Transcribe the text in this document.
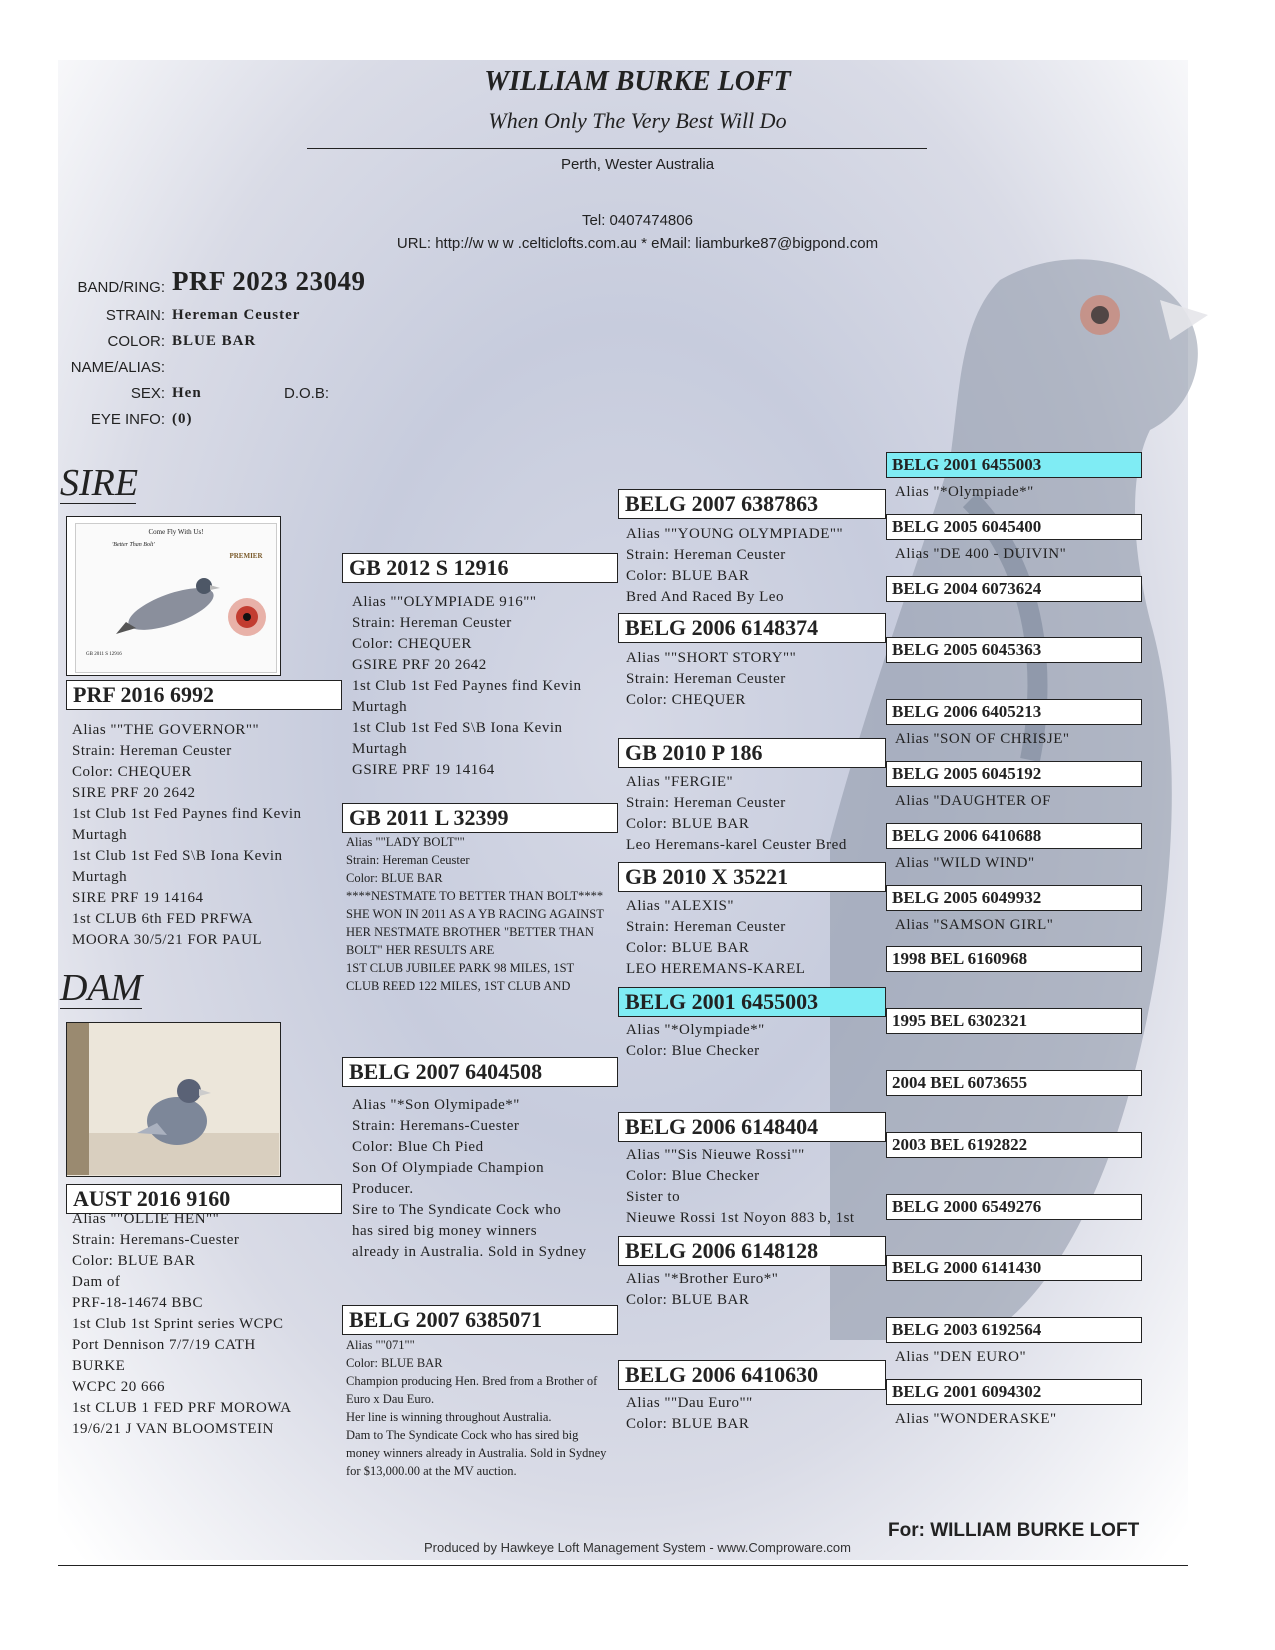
WILLIAM BURKE LOFT
When Only The Very Best Will Do
Perth, Wester Australia
Tel: 0407474806
URL: http://w w w .celticlofts.com.au * eMail: liamburke87@bigpond.com
BAND/RING: PRF 2023 23049
STRAIN: Hereman Ceuster
COLOR: BLUE BAR
NAME/ALIAS:
SEX: Hen	D.O.B:
EYE INFO: (0)
SIRE
DAM
Come Fly With Us!
'Better Than Bolt'
PREMIER
GB 2011 S 12916
PRF 2016 6992
Alias ""THE GOVERNOR""
Strain: Hereman Ceuster
Color: CHEQUER
SIRE PRF 20 2642
1st Club 1st Fed Paynes find Kevin
Murtagh
1st Club 1st Fed S\B Iona Kevin
Murtagh
SIRE PRF 19 14164
1st CLUB 6th FED PRFWA
MOORA 30/5/21 FOR PAUL
AUST 2016 9160
Alias ""OLLIE HEN""
Strain: Heremans-Cuester
Color: BLUE BAR
Dam of
PRF-18-14674 BBC
1st Club 1st Sprint series WCPC
Port Dennison 7/7/19 CATH
BURKE
WCPC 20 666
1st CLUB 1 FED PRF MOROWA
19/6/21 J VAN BLOOMSTEIN
GB 2012 S 12916
Alias ""OLYMPIADE 916""
Strain: Hereman Ceuster
Color: CHEQUER
GSIRE PRF 20 2642
1st Club 1st Fed Paynes find Kevin
Murtagh
1st Club 1st Fed S\B Iona Kevin
Murtagh
GSIRE PRF 19 14164
GB 2011 L 32399
Alias ""LADY BOLT""
Strain: Hereman Ceuster
Color: BLUE BAR
****NESTMATE TO BETTER THAN BOLT****
SHE WON IN 2011 AS A YB RACING AGAINST HER NESTMATE BROTHER "BETTER THAN BOLT" HER RESULTS ARE
1ST CLUB JUBILEE PARK 98 MILES, 1ST CLUB REED 122 MILES, 1ST CLUB AND
BELG 2007 6404508
Alias "*Son Olymipade*"
Strain: Heremans-Cuester
Color: Blue Ch Pied
Son Of Olympiade Champion
Producer.
Sire to The Syndicate Cock who
has sired big money winners
already in Australia. Sold in Sydney
BELG 2007 6385071
Alias ""071""
Color: BLUE BAR
Champion producing Hen. Bred from a Brother of Euro x Dau Euro.
Her line is winning throughout Australia.
Dam to The Syndicate Cock who has sired big money winners already in Australia. Sold in Sydney for $13,000.00 at the MV auction.
BELG 2007 6387863
Alias ""YOUNG OLYMPIADE""
Strain: Hereman Ceuster
Color: BLUE BAR
Bred And Raced By Leo
BELG 2006 6148374
Alias ""SHORT STORY""
Strain: Hereman Ceuster
Color: CHEQUER
GB 2010 P 186
Alias "FERGIE"
Strain: Hereman Ceuster
Color: BLUE BAR
Leo Heremans-karel Ceuster Bred
GB 2010 X 35221
Alias "ALEXIS"
Strain: Hereman Ceuster
Color: BLUE BAR
LEO HEREMANS-KAREL
BELG 2001 6455003
Alias "*Olympiade*"
Color: Blue Checker
BELG 2006 6148404
Alias ""Sis Nieuwe Rossi""
Color: Blue Checker
Sister to
Nieuwe Rossi 1st Noyon 883 b, 1st
BELG 2006 6148128
Alias "*Brother Euro*"
Color: BLUE BAR
BELG 2006 6410630
Alias ""Dau Euro""
Color: BLUE BAR
BELG 2001 6455003
Alias "*Olympiade*"
BELG 2005 6045400
Alias "DE 400 - DUIVIN"
BELG 2004 6073624
BELG 2005 6045363
BELG 2006 6405213
Alias "SON OF CHRISJE"
BELG 2005 6045192
Alias "DAUGHTER OF
BELG 2006 6410688
Alias "WILD WIND"
BELG 2005 6049932
Alias "SAMSON GIRL"
1998 BEL 6160968
1995 BEL 6302321
2004 BEL 6073655
2003 BEL 6192822
BELG 2000 6549276
BELG 2000 6141430
BELG 2003 6192564
Alias "DEN EURO"
BELG 2001 6094302
Alias "WONDERASKE"
For: WILLIAM BURKE LOFT
Produced by Hawkeye Loft Management System - www.Comproware.com
